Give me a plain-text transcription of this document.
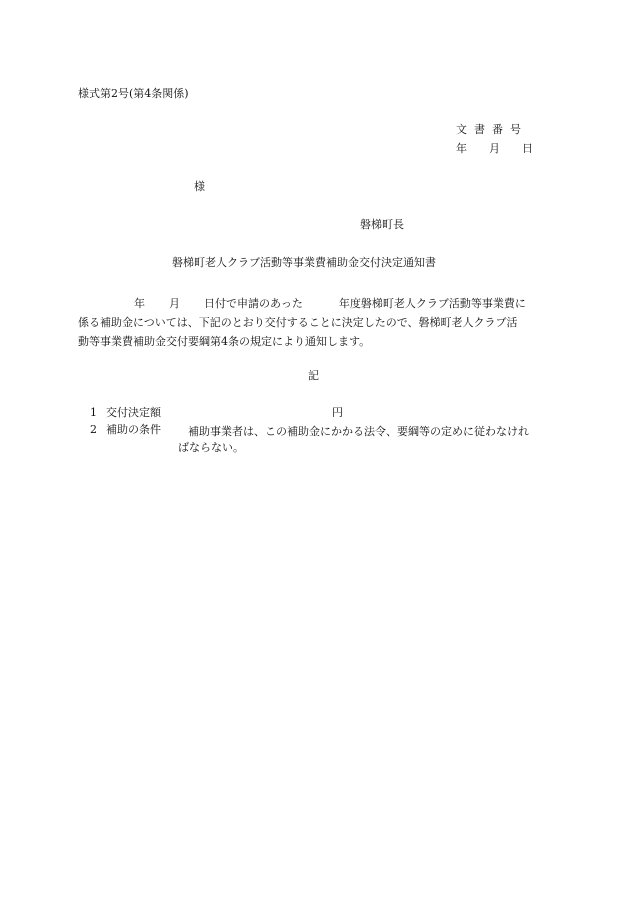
様式第2号(第4条関係)
文書番号
年 月 日
様
磐梯町長
磐梯町老人クラブ活動等事業費補助金交付決定通知書
年 月 日付で申請のあった	年度磐梯町老人クラブ活動等事業費に
係る補助金については、下記のとおり交付することに決定したので、磐梯町老人クラブ活
動等事業費補助金交付要綱第4条の規定により通知します。
記
1 交付決定額	円
2 補助の条件 補助事業者は、この補助金にかかる法令、要綱等の定めに従わなけれ
ばならない。
